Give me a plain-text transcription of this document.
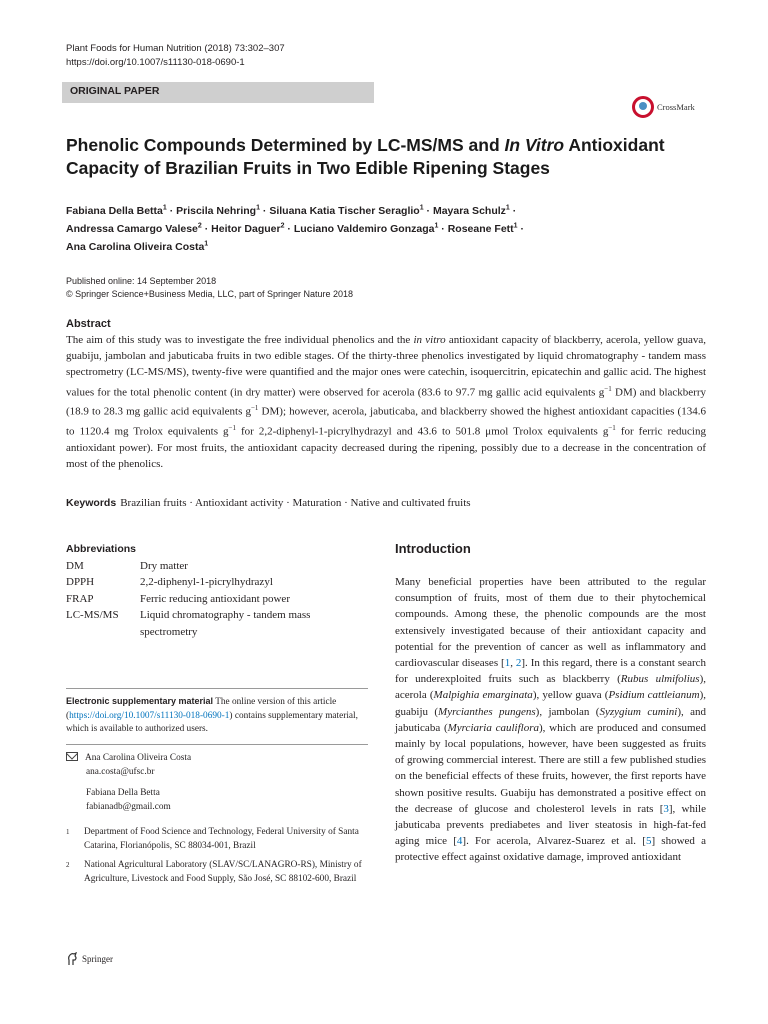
Plant Foods for Human Nutrition (2018) 73:302–307
https://doi.org/10.1007/s11130-018-0690-1
ORIGINAL PAPER
CrossMark
Phenolic Compounds Determined by LC-MS/MS and In Vitro Antioxidant Capacity of Brazilian Fruits in Two Edible Ripening Stages
Fabiana Della Betta$^1$ · Priscila Nehring$^1$ · Siluana Katia Tischer Seraglio$^1$ · Mayara Schulz$^1$ ·
Andressa Camargo Valese$^2$ · Heitor Daguer$^2$ · Luciano Valdemiro Gonzaga$^1$ · Roseane Fett$^1$ ·
Ana Carolina Oliveira Costa$^1$
Published online: 14 September 2018
© Springer Science+Business Media, LLC, part of Springer Nature 2018
Abstract
The aim of this study was to investigate the free individual phenolics and the in vitro antioxidant capacity of blackberry, acerola, yellow guava, guabiju, jambolan and jabuticaba fruits in two edible stages. Of the thirty-three phenolics investigated by liquid chromatography - tandem mass spectrometry (LC-MS/MS), twenty-five were quantified and the major ones were catechin, isoquercitrin, epicatechin and gallic acid. The highest values for the total phenolic content (in dry matter) were observed for acerola (83.6 to 97.7 mg gallic acid equivalents $g^{-1}$ DM) and blackberry (18.9 to 28.3 mg gallic acid equivalents $g^{-1}$ DM); however, acerola, jabuticaba, and blackberry showed the highest antioxidant capacities (134.6 to 1120.4 mg Trolox equivalents $g^{-1}$ for 2,2-diphenyl-1-picrylhydrazyl and 43.6 to 501.8 μmol Trolox equivalents $g^{-1}$ for ferric reducing antioxidant power). For most fruits, the antioxidant capacity decreased during the ripening, possibly due to a decrease in the concentration of most of the phenolics.
Keywords Brazilian fruits · Antioxidant activity · Maturation · Native and cultivated fruits
Abbreviations
DM	Dry matter
DPPH	2,2-diphenyl-1-picrylhydrazyl
FRAP	Ferric reducing antioxidant power
LC-MS/MS	Liquid chromatography - tandem mass spectrometry
Electronic supplementary material The online version of this article (https://doi.org/10.1007/s11130-018-0690-1) contains supplementary material, which is available to authorized users.
Ana Carolina Oliveira Costa
ana.costa@ufsc.br
Fabiana Della Betta
fabianadb@gmail.com
1	Department of Food Science and Technology, Federal University of Santa Catarina, Florianópolis, SC 88034-001, Brazil
2	National Agricultural Laboratory (SLAV/SC/LANAGRO-RS), Ministry of Agriculture, Livestock and Food Supply, São José, SC 88102-600, Brazil
Introduction
Many beneficial properties have been attributed to the regular consumption of fruits, most of them due to their phytochemical compounds. Among these, the phenolic compounds are the most extensively investigated because of their antioxidant capacity and potential for the prevention of cancer as well as inflammatory and cardiovascular diseases [1, 2]. In this regard, there is a constant search for underexploited fruits such as blackberry (Rubus ulmifolius), acerola (Malpighia emarginata), yellow guava (Psidium cattleianum), guabiju (Myrcianthes pungens), jambolan (Syzygium cumini), and jabuticaba (Myrciaria cauliflora), which are produced and consumed mainly by local populations, however, have been suggested as fruits of growing commercial interest. There are still a few published studies on the beneficial effects of these fruits, however, the first reports have shown positive results. Guabiju has demonstrated a positive effect on the decrease of glucose and cholesterol levels in rats [3], while jabuticaba prevents prediabetes and liver steatosis in high-fat-fed aging mice [4]. For acerola, Alvarez-Suarez et al. [5] showed a protective effect against oxidative damage, improved antioxidant
Springer
